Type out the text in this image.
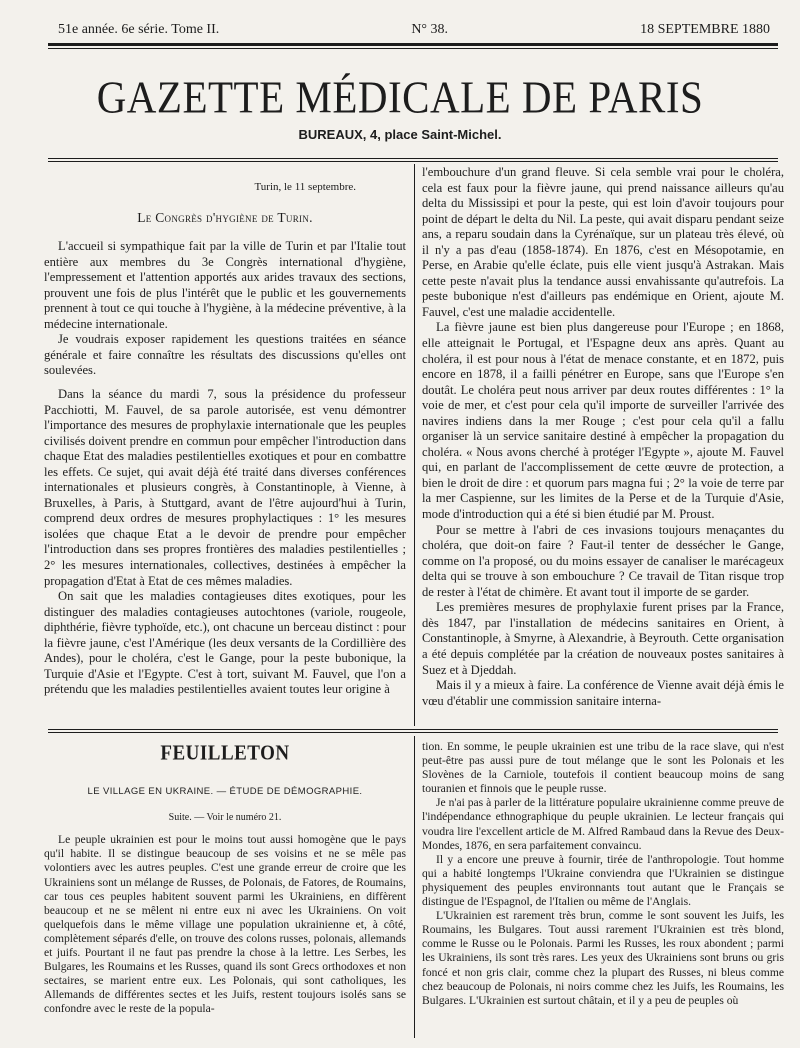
51e année. 6e série. Tome II.	N° 38.	18 SEPTEMBRE 1880
GAZETTE MÉDICALE DE PARIS
BUREAUX, 4, place Saint-Michel.
Turin, le 11 septembre.
Le Congrès d'hygiène de Turin.

L'accueil si sympathique fait par la ville de Turin et par l'Italie tout entière aux membres du 3e Congrès international d'hygiène, l'empressement et l'attention apportés aux arides travaux des sections, prouvent une fois de plus l'intérêt que le public et les gouvernements prennent à tout ce qui touche à l'hygiène, à la médecine préventive, à la médecine internationale.

Je voudrais exposer rapidement les questions traitées en séance générale et faire connaître les résultats des discussions qu'elles ont soulevées.

Dans la séance du mardi 7, sous la présidence du professeur Pacchiotti, M. Fauvel, de sa parole autorisée, est venu démontrer l'importance des mesures de prophylaxie internationale que les peuples civilisés doivent prendre en commun pour empêcher l'introduction dans chaque Etat des maladies pestilentielles exotiques et pour en combattre les effets. Ce sujet, qui avait déjà été traité dans diverses conférences internationales et plusieurs congrès, à Constantinople, à Vienne, à Bruxelles, à Paris, à Stuttgard, avant de l'être aujourd'hui à Turin, comprend deux ordres de mesures prophylactiques : 1° les mesures isolées que chaque Etat a le devoir de prendre pour empêcher l'introduction dans ses propres frontières des maladies pestilentielles ; 2° les mesures internationales, collectives, destinées à empêcher la propagation d'Etat à Etat de ces mêmes maladies.

On sait que les maladies contagieuses dites exotiques, pour les distinguer des maladies contagieuses autochtones (variole, rougeole, diphthérie, fièvre typhoïde, etc.), ont chacune un berceau distinct : pour la fièvre jaune, c'est l'Amérique (les deux versants de la Cordillière des Andes), pour le choléra, c'est le Gange, pour la peste bubonique, la Turquie d'Asie et l'Egypte. C'est à tort, suivant M. Fauvel, que l'on a prétendu que les maladies pestilentielles avaient toutes leur origine à

l'embouchure d'un grand fleuve. Si cela semble vrai pour le choléra, cela est faux pour la fièvre jaune, qui prend naissance ailleurs qu'au delta du Mississipi et pour la peste, qui est loin d'avoir toujours pour point de départ le delta du Nil. La peste, qui avait disparu pendant seize ans, a reparu soudain dans la Cyrénaïque, sur un plateau très élevé, où il n'y a pas d'eau (1858-1874). En 1876, c'est en Mésopotamie, en Perse, en Arabie qu'elle éclate, puis elle vient jusqu'à Astrakan. Mais cette peste n'avait plus la tendance aussi envahissante qu'autrefois. La peste bubonique n'est d'ailleurs pas endémique en Orient, ajoute M. Fauvel, c'est une maladie accidentelle.

La fièvre jaune est bien plus dangereuse pour l'Europe ; en 1868, elle atteignait le Portugal, et l'Espagne deux ans après. Quant au choléra, il est pour nous à l'état de menace constante, et en 1872, puis encore en 1878, il a failli pénétrer en Europe, sans que l'Europe s'en doutât. Le choléra peut nous arriver par deux routes différentes : 1° la voie de mer, et c'est pour cela qu'il importe de surveiller l'arrivée des navires indiens dans la mer Rouge ; c'est pour cela qu'il a fallu organiser là un service sanitaire destiné à empêcher la propagation du choléra. « Nous avons cherché à protéger l'Egypte », ajoute M. Fauvel qui, en parlant de l'accomplissement de cette œuvre de protection, a bien le droit de dire : et quorum pars magna fui ; 2° la voie de terre par la mer Caspienne, sur les limites de la Perse et de la Turquie d'Asie, mode d'introduction qui a été si bien étudié par M. Proust.

Pour se mettre à l'abri de ces invasions toujours menaçantes du choléra, que doit-on faire ? Faut-il tenter de dessécher le Gange, comme on l'a proposé, ou du moins essayer de canaliser le marécageux delta qui se trouve à son embouchure ? Ce travail de Titan risque trop de rester à l'état de chimère. Et avant tout il importe de se garder.

Les premières mesures de prophylaxie furent prises par la France, dès 1847, par l'installation de médecins sanitaires en Orient, à Constantinople, à Smyrne, à Alexandrie, à Beyrouth. Cette organisation a été depuis complétée par la création de nouveaux postes sanitaires à Suez et à Djeddah.

Mais il y a mieux à faire. La conférence de Vienne avait déjà émis le vœu d'établir une commission sanitaire interna-

FEUILLETON
LE VILLAGE EN UKRAINE. — ÉTUDE DE DÉMOGRAPHIE.
Suite. — Voir le numéro 21.

Le peuple ukrainien est pour le moins tout aussi homogène que le pays qu'il habite. Il se distingue beaucoup de ses voisins et ne se mêle pas volontiers avec les autres peuples. C'est une grande erreur de croire que les Ukrainiens sont un mélange de Russes, de Polonais, de Fatores, de Roumains, car tous ces peuples habitent souvent parmi les Ukrainiens, en diffèrent beaucoup et ne se mêlent ni entre eux ni avec les Ukrainiens. On voit quelquefois dans le même village une population ukrainienne et, à côté, complètement séparés d'elle, on trouve des colons russes, polonais, allemands et juifs. Pourtant il ne faut pas prendre la chose à la lettre. Les Serbes, les Bulgares, les Roumains et les Russes, quand ils sont Grecs orthodoxes et non sectaires, se marient entre eux. Les Polonais, qui sont catholiques, les Allemands de différentes sectes et les Juifs, restent toujours isolés sans se confondre avec le reste de la popula-

tion. En somme, le peuple ukrainien est une tribu de la race slave, qui n'est peut-être pas aussi pure de tout mélange que le sont les Polonais et les Slovènes de la Carniole, toutefois il contient beaucoup moins de sang touranien et finnois que le peuple russe.

Je n'ai pas à parler de la littérature populaire ukrainienne comme preuve de l'indépendance ethnographique du peuple ukrainien. Le lecteur français qui voudra lire l'excellent article de M. Alfred Rambaud dans la Revue des Deux-Mondes, 1876, en sera parfaitement convaincu.

Il y a encore une preuve à fournir, tirée de l'anthropologie. Tout homme qui a habité longtemps l'Ukraine conviendra que l'Ukrainien se distingue physiquement des peuples environnants tout autant que le Français se distingue de l'Espagnol, de l'Italien ou même de l'Anglais.

L'Ukrainien est rarement très brun, comme le sont souvent les Juifs, les Roumains, les Bulgares. Tout aussi rarement l'Ukrainien est très blond, comme le Russe ou le Polonais. Parmi les Russes, les roux abondent ; parmi les Ukrainiens, ils sont très rares. Les yeux des Ukrainiens sont bruns ou gris foncé et non gris clair, comme chez la plupart des Russes, ni bleus comme chez beaucoup de Polonais, ni noirs comme chez les Juifs, les Roumains, les Bulgares. L'Ukrainien est surtout châtain, et il y a peu de peuples où
